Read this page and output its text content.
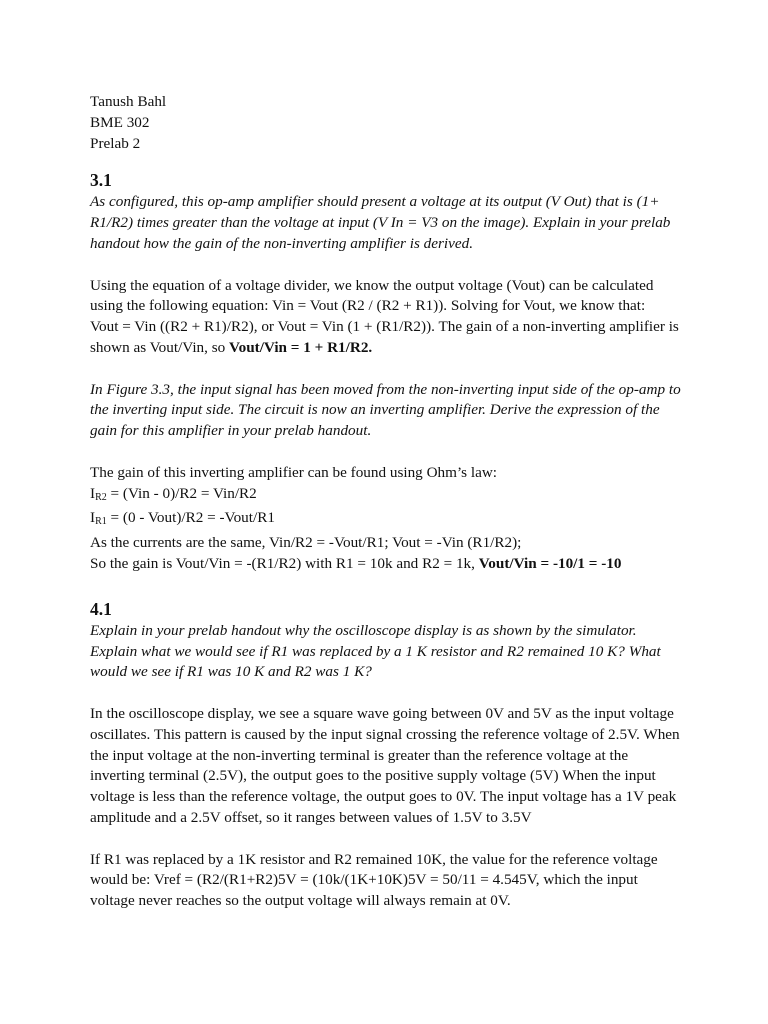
Tanush Bahl
BME 302
Prelab 2
3.1
As configured, this op-amp amplifier should present a voltage at its output (V Out) that is (1+
R1/R2) times greater than the voltage at input (V In = V3 on the image). Explain in your prelab
handout how the gain of the non-inverting amplifier is derived.
Using the equation of a voltage divider, we know the output voltage (Vout) can be calculated
using the following equation: Vin = Vout (R2 / (R2 + R1)). Solving for Vout, we know that:
Vout = Vin ((R2 + R1)/R2), or Vout = Vin (1 + (R1/R2)). The gain of a non-inverting amplifier is
shown as Vout/Vin, so Vout/Vin = 1 + R1/R2.
In Figure 3.3, the input signal has been moved from the non-inverting input side of the op-amp to
the inverting input side. The circuit is now an inverting amplifier. Derive the expression of the
gain for this amplifier in your prelab handout.
The gain of this inverting amplifier can be found using Ohm’s law:
$I_{R2} = (Vin - 0)/R2 = Vin/R2$
$I_{R1} = (0$ - Vout)/R2 = -Vout/R1
As the currents are the same, Vin/R2 = -Vout/R1; Vout = -Vin (R1/R2);
So the gain is Vout/Vin = -(R1/R2) with R1 = 10k and R2 = 1k, Vout/Vin = -10/1 = -10
4.1
Explain in your prelab handout why the oscilloscope display is as shown by the simulator.
Explain what we would see if R1 was replaced by a 1 K resistor and R2 remained 10 K? What
would we see if R1 was 10 K and R2 was 1 K?
In the oscilloscope display, we see a square wave going between 0V and 5V as the input voltage
oscillates. This pattern is caused by the input signal crossing the reference voltage of 2.5V. When
the input voltage at the non-inverting terminal is greater than the reference voltage at the
inverting terminal (2.5V), the output goes to the positive supply voltage (5V) When the input
voltage is less than the reference voltage, the output goes to 0V. The input voltage has a 1V peak
amplitude and a 2.5V offset, so it ranges between values of 1.5V to 3.5V
If R1 was replaced by a 1K resistor and R2 remained 10K, the value for the reference voltage
would be: Vref = (R2/(R1+R2)5V = (10k/(1K+10K)5V = 50/11 = 4.545V, which the input
voltage never reaches so the output voltage will always remain at 0V.
